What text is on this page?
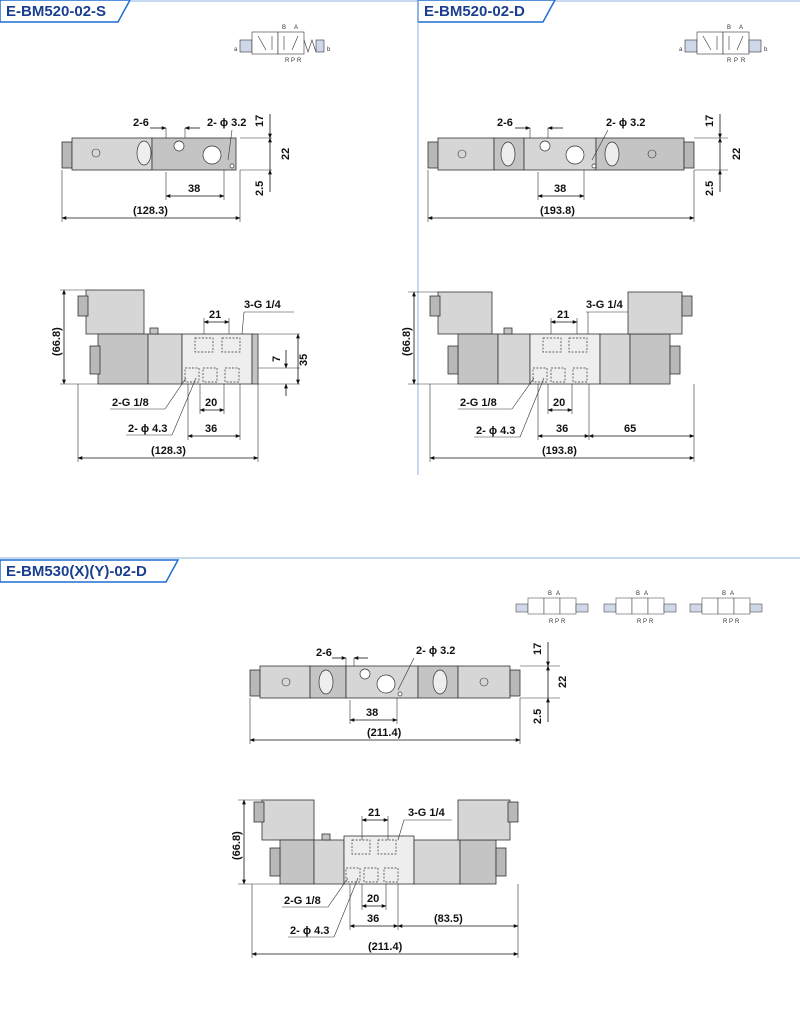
E-BM520-02-S	E-BM520-02-D
E-BM530(X)(Y)-02-D
a
B A
R P R
b	a
B A
R P R
b
B A
R P R
B A
R P R
B A
R P R
2-6	2- ϕ 3.2 17
22
2.5
38
(128.3)
3-G 1/4
21
(66.8)
7 35
2-G 1/8	20
2- ϕ 4.3	36
(128.3)
2-6	2- ϕ 3.2	17
22
2.5
38
(193.8)
3-G 1/4
21
(66.8)
2-G 1/8	20
2- ϕ 4.3	36	65
(193.8)
2-6	2- ϕ 3.2	17
22
2.5
38
(211.4)
3-G 1/4
21
(66.8)
2-G 1/8	20
2- ϕ 4.3
36	(83.5)
(211.4)
